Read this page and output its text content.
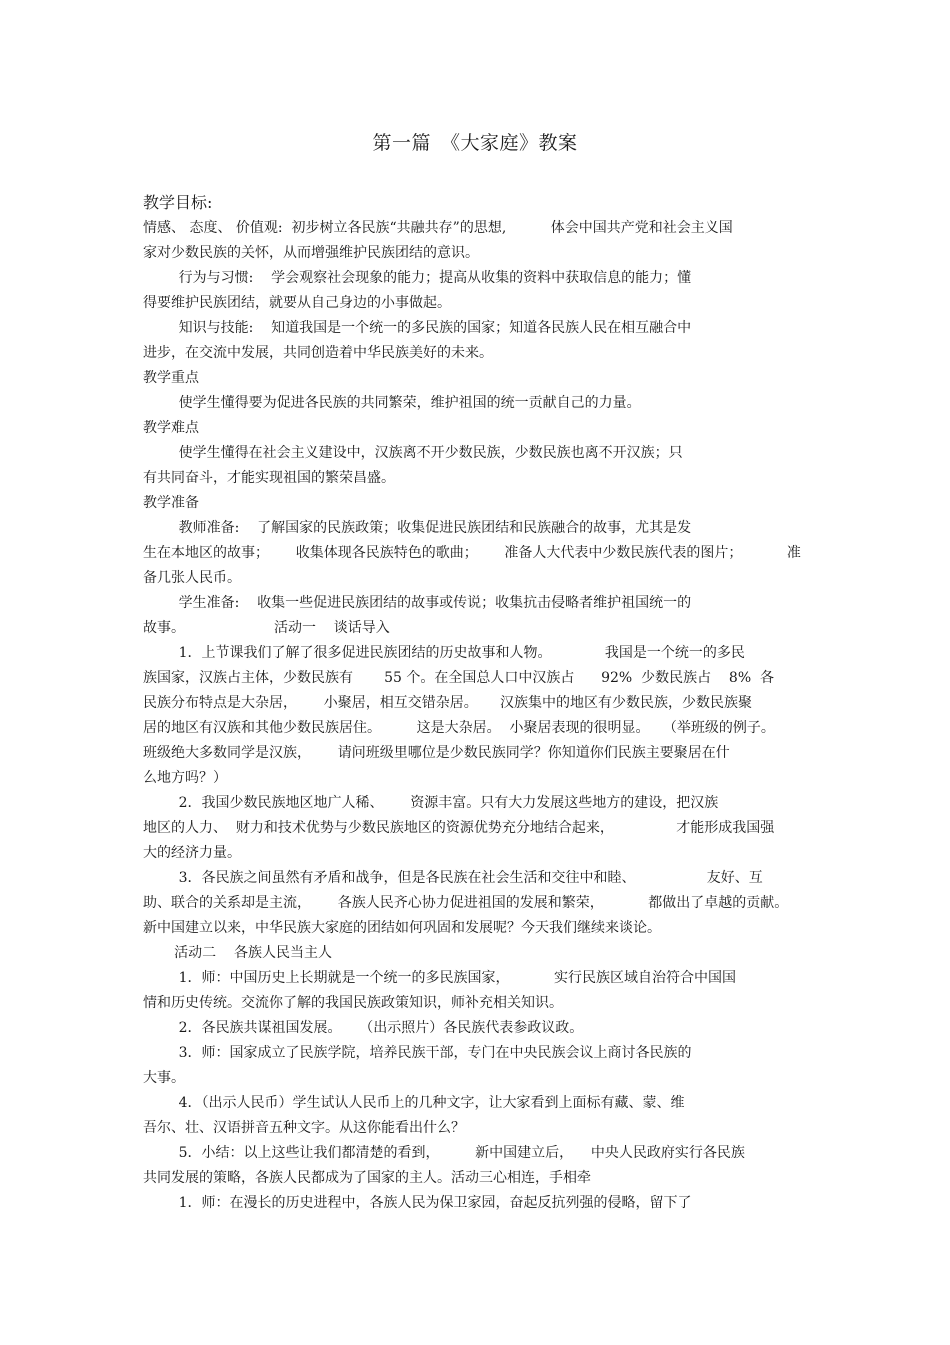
第一篇　《大家庭》教案
教学目标:
情感、 态度、 价值观:  初步树立各民族“共融共存”的思想,          体会中国共产党和社会主义国
家对少数民族的关怀，从而增强维护民族团结的意识。
行为与习惯:    学会观察社会现象的能力；提高从收集的资料中获取信息的能力；懂
得要维护民族团结，就要从自己身边的小事做起。
知识与技能:    知道我国是一个统一的多民族的国家；知道各民族人民在相互融合中
进步，在交流中发展，共同创造着中华民族美好的未来。
教学重点
使学生懂得要为促进各民族的共同繁荣，维护祖国的统一贡献自己的力量。
教学难点
使学生懂得在社会主义建设中，汉族离不开少数民族，少数民族也离不开汉族；只
有共同奋斗，才能实现祖国的繁荣昌盛。
教学准备
教师准备:    了解国家的民族政策；收集促进民族团结和民族融合的故事，尤其是发
生在本地区的故事；      收集体现各民族特色的歌曲；      准备人大代表中少数民族代表的图片；          准
备几张人民币。
学生准备:    收集一些促进民族团结的故事或传说；收集抗击侵略者维护祖国统一的
故事。                    活动一    谈话导入
1．上节课我们了解了很多促进民族团结的历史故事和人物。            我国是一个统一的多民
族国家，汉族占主体，少数民族有       55 个。在全国总人口中汉族占      92%  少数民族占    8%  各
民族分布特点是大杂居，      小聚居，相互交错杂居。     汉族集中的地区有少数民族，少数民族聚
居的地区有汉族和其他少数民族居住。        这是大杂居。  小聚居表现的很明显。   （举班级的例子。
班级绝大多数同学是汉族，      请问班级里哪位是少数民族同学？你知道你们民族主要聚居在什
么地方吗？）
2．我国少数民族地区地广人稀、      资源丰富。只有大力发展这些地方的建设，把汉族
地区的人力、  财力和技术优势与少数民族地区的资源优势充分地结合起来，              才能形成我国强
大的经济力量。
3．各民族之间虽然有矛盾和战争，但是各民族在社会生活和交往中和睦、                友好、互
助、联合的关系却是主流，      各族人民齐心协力促进祖国的发展和繁荣，          都做出了卓越的贡献。
新中国建立以来，中华民族大家庭的团结如何巩固和发展呢？今天我们继续来谈论。
活动二    各族人民当主人
1．师：中国历史上长期就是一个统一的多民族国家，          实行民族区域自治符合中国国
情和历史传统。交流你了解的我国民族政策知识，师补充相关知识。
2．各民族共谋祖国发展。    （出示照片）各民族代表参政议政。
3．师：国家成立了民族学院，培养民族干部，专门在中央民族会议上商讨各民族的
大事。
4．（出示人民币）学生试认人民币上的几种文字，让大家看到上面标有藏、蒙、维
吾尔、壮、汉语拼音五种文字。从这你能看出什么？
5．小结：以上这些让我们都清楚的看到，        新中国建立后，    中央人民政府实行各民族
共同发展的策略，各族人民都成为了国家的主人。活动三心相连，手相牵
1．师：在漫长的历史进程中，各族人民为保卫家园，奋起反抗列强的侵略，留下了
